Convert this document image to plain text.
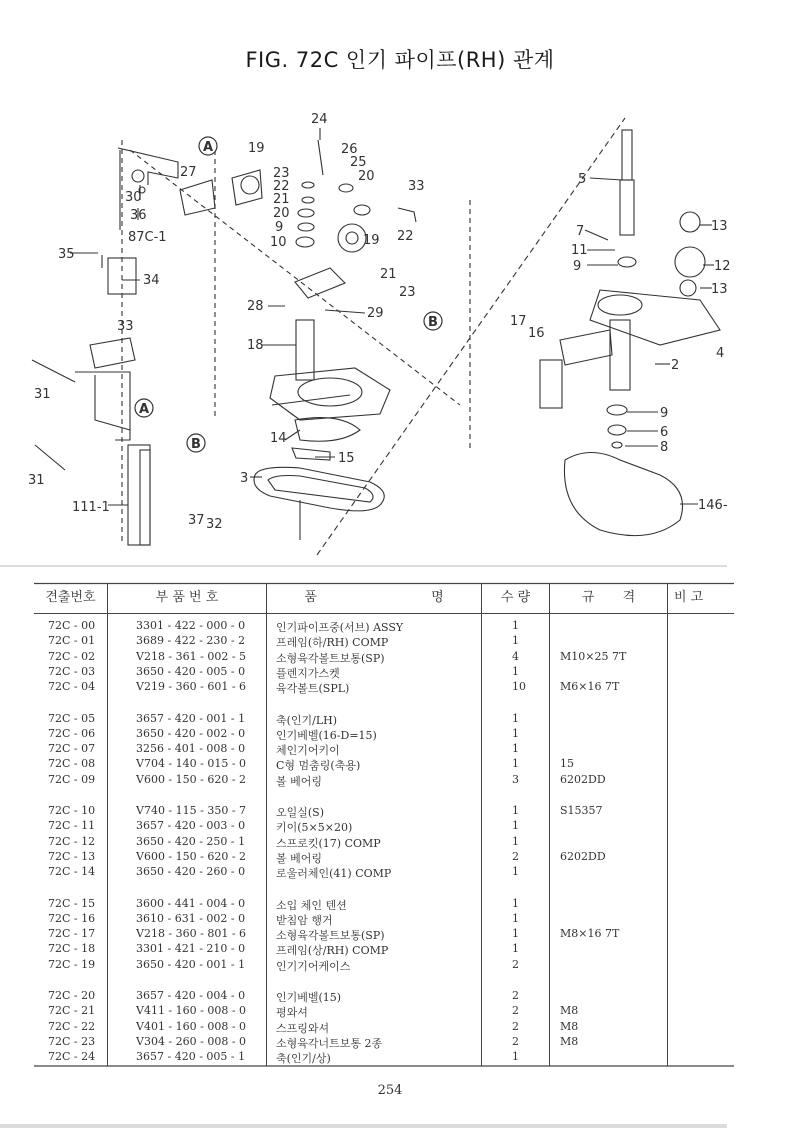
FIG. 72C 인기 파이프(RH) 관계
24
19	26
25
20
23
22
21
20
9
10
27
30
36
87C-1
33
22
19
21
23
35
34
33
28	29
18
31
31
111-1
37 32
14
15
3
5
7
11
9
13
12
13
17
16
2
9
6
8
146-
4
A
A
B
B
견출번호	부 품 번 호	품 명	수 량	규 격	비 고
72C - 00	3301 - 422 - 000 - 0	인기파이프중(서브) ASSY	1
72C - 01	3689 - 422 - 230 - 2	프레임(하/RH) COMP	1
72C - 02	V218 - 361 - 002 - 5	소형육각볼트보통(SP)	4	M10×25 7T
72C - 03	3650 - 420 - 005 - 0	플렌지가스켓	1
72C - 04	V219 - 360 - 601 - 6	육각볼트(SPL)	10	M6×16 7T
72C - 05	3657 - 420 - 001 - 1	축(인기/LH)	1
72C - 06	3650 - 420 - 002 - 0	인기베벨(16-D=15)	1
72C - 07	3256 - 401 - 008 - 0	체인기어키이	1
72C - 08	V704 - 140 - 015 - 0	C형 멈춤링(축용)	1	15
72C - 09	V600 - 150 - 620 - 2	볼 베어링	3	6202DD
72C - 10	V740 - 115 - 350 - 7	오일실(S)	1	S15357
72C - 11	3657 - 420 - 003 - 0	키이(5×5×20)	1
72C - 12	3650 - 420 - 250 - 1	스프로킷(17) COMP	1
72C - 13	V600 - 150 - 620 - 2	볼 베어링	2	6202DD
72C - 14	3650 - 420 - 260 - 0	로울러체인(41) COMP	1
72C - 15	3600 - 441 - 004 - 0	소입 체인 텐션	1
72C - 16	3610 - 631 - 002 - 0	받침암 행거	1
72C - 17	V218 - 360 - 801 - 6	소형육각볼트보통(SP)	1	M8×16 7T
72C - 18	3301 - 421 - 210 - 0	프레임(상/RH) COMP	1
72C - 19	3650 - 420 - 001 - 1	인기기어케이스	2
72C - 20	3657 - 420 - 004 - 0	인기베벨(15)	2
72C - 21	V411 - 160 - 008 - 0	평와셔	2	M8
72C - 22	V401 - 160 - 008 - 0	스프링와셔	2	M8
72C - 23	V304 - 260 - 008 - 0	소형육각너트보통 2종	2	M8
72C - 24	3657 - 420 - 005 - 1	축(인기/상)	1
254
